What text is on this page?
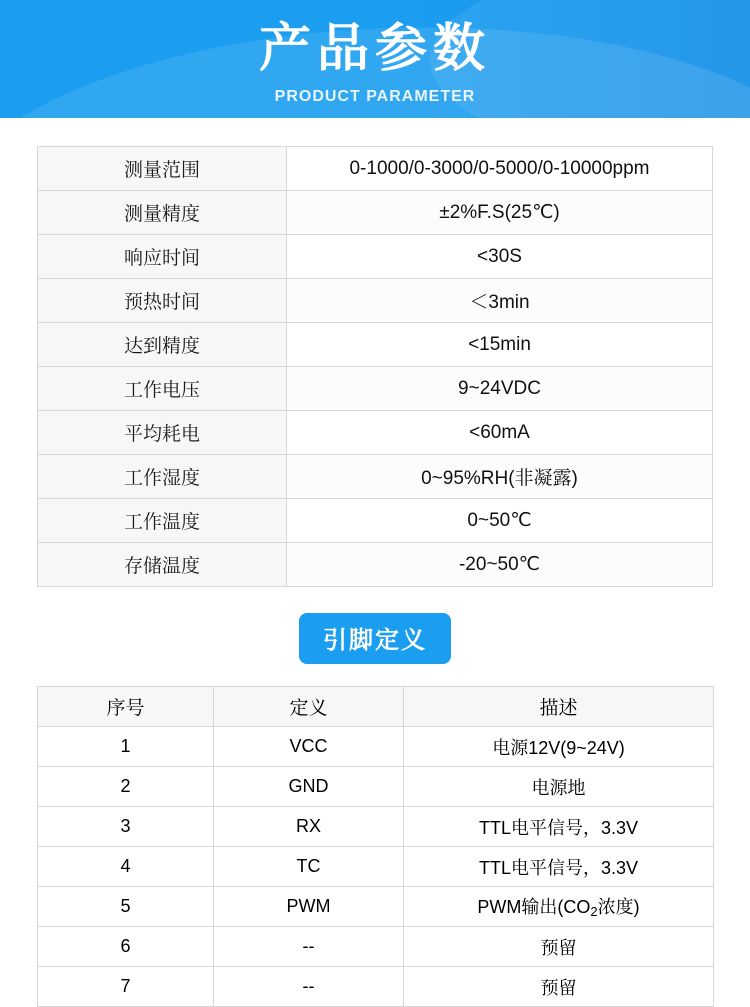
产品参数
PRODUCT PARAMETER
测量范围	0-1000/0-3000/0-5000/0-10000ppm
测量精度	±2%F.S(25℃)
响应时间	<30S
预热时间	＜3min
达到精度	<15min
工作电压	9~24VDC
平均耗电	<60mA
工作湿度	0~95%RH(非凝露)
工作温度	0~50℃
存储温度	-20~50℃
引脚定义
序号	定义	描述
1	VCC	电源12V(9~24V)
2	GND	电源地
3	RX	TTL电平信号，3.3V
4	TC	TTL电平信号，3.3V
5	PWM	PWM输出($CO_2$浓度)
6	--	预留
7	--	预留
